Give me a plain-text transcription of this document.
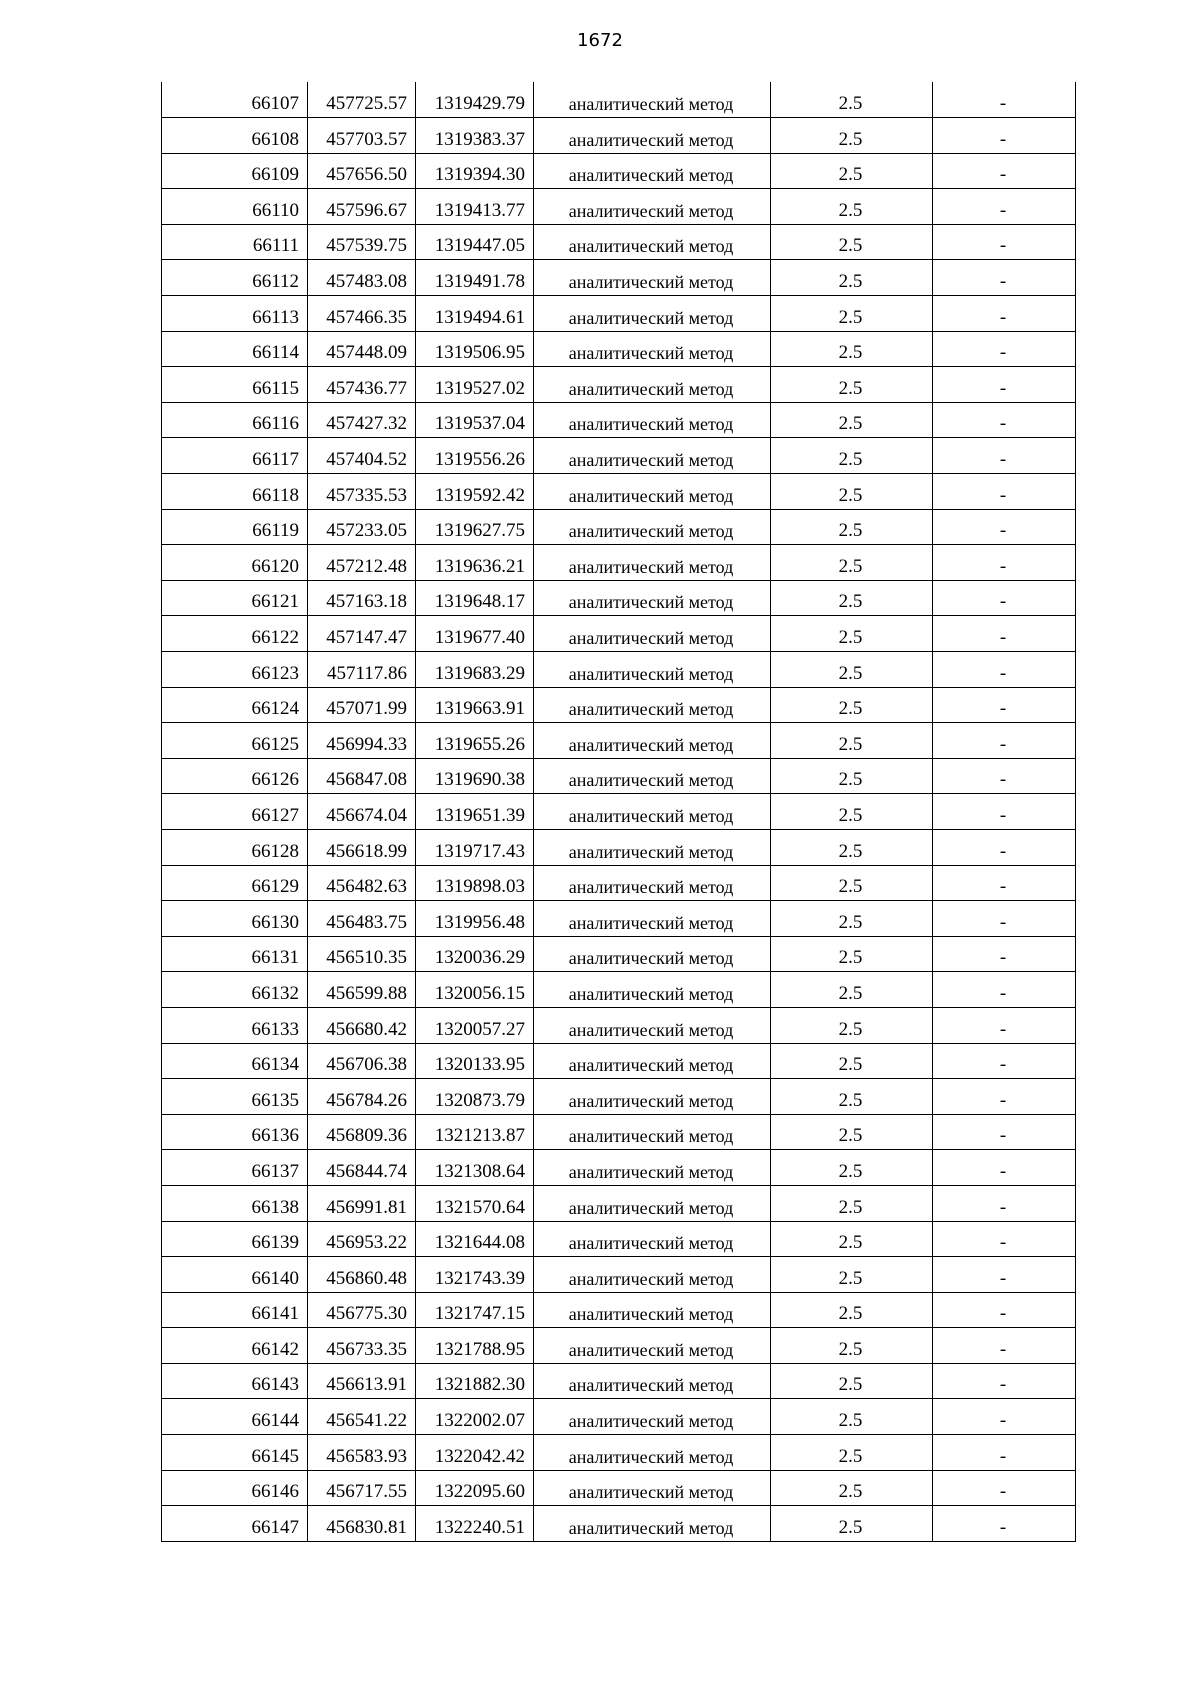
1672
66107	457725.57	1319429.79	аналитический метод	2.5	-
66108	457703.57	1319383.37	аналитический метод	2.5	-
66109	457656.50	1319394.30	аналитический метод	2.5	-
66110	457596.67	1319413.77	аналитический метод	2.5	-
66111	457539.75	1319447.05	аналитический метод	2.5	-
66112	457483.08	1319491.78	аналитический метод	2.5	-
66113	457466.35	1319494.61	аналитический метод	2.5	-
66114	457448.09	1319506.95	аналитический метод	2.5	-
66115	457436.77	1319527.02	аналитический метод	2.5	-
66116	457427.32	1319537.04	аналитический метод	2.5	-
66117	457404.52	1319556.26	аналитический метод	2.5	-
66118	457335.53	1319592.42	аналитический метод	2.5	-
66119	457233.05	1319627.75	аналитический метод	2.5	-
66120	457212.48	1319636.21	аналитический метод	2.5	-
66121	457163.18	1319648.17	аналитический метод	2.5	-
66122	457147.47	1319677.40	аналитический метод	2.5	-
66123	457117.86	1319683.29	аналитический метод	2.5	-
66124	457071.99	1319663.91	аналитический метод	2.5	-
66125	456994.33	1319655.26	аналитический метод	2.5	-
66126	456847.08	1319690.38	аналитический метод	2.5	-
66127	456674.04	1319651.39	аналитический метод	2.5	-
66128	456618.99	1319717.43	аналитический метод	2.5	-
66129	456482.63	1319898.03	аналитический метод	2.5	-
66130	456483.75	1319956.48	аналитический метод	2.5	-
66131	456510.35	1320036.29	аналитический метод	2.5	-
66132	456599.88	1320056.15	аналитический метод	2.5	-
66133	456680.42	1320057.27	аналитический метод	2.5	-
66134	456706.38	1320133.95	аналитический метод	2.5	-
66135	456784.26	1320873.79	аналитический метод	2.5	-
66136	456809.36	1321213.87	аналитический метод	2.5	-
66137	456844.74	1321308.64	аналитический метод	2.5	-
66138	456991.81	1321570.64	аналитический метод	2.5	-
66139	456953.22	1321644.08	аналитический метод	2.5	-
66140	456860.48	1321743.39	аналитический метод	2.5	-
66141	456775.30	1321747.15	аналитический метод	2.5	-
66142	456733.35	1321788.95	аналитический метод	2.5	-
66143	456613.91	1321882.30	аналитический метод	2.5	-
66144	456541.22	1322002.07	аналитический метод	2.5	-
66145	456583.93	1322042.42	аналитический метод	2.5	-
66146	456717.55	1322095.60	аналитический метод	2.5	-
66147	456830.81	1322240.51	аналитический метод	2.5	-
